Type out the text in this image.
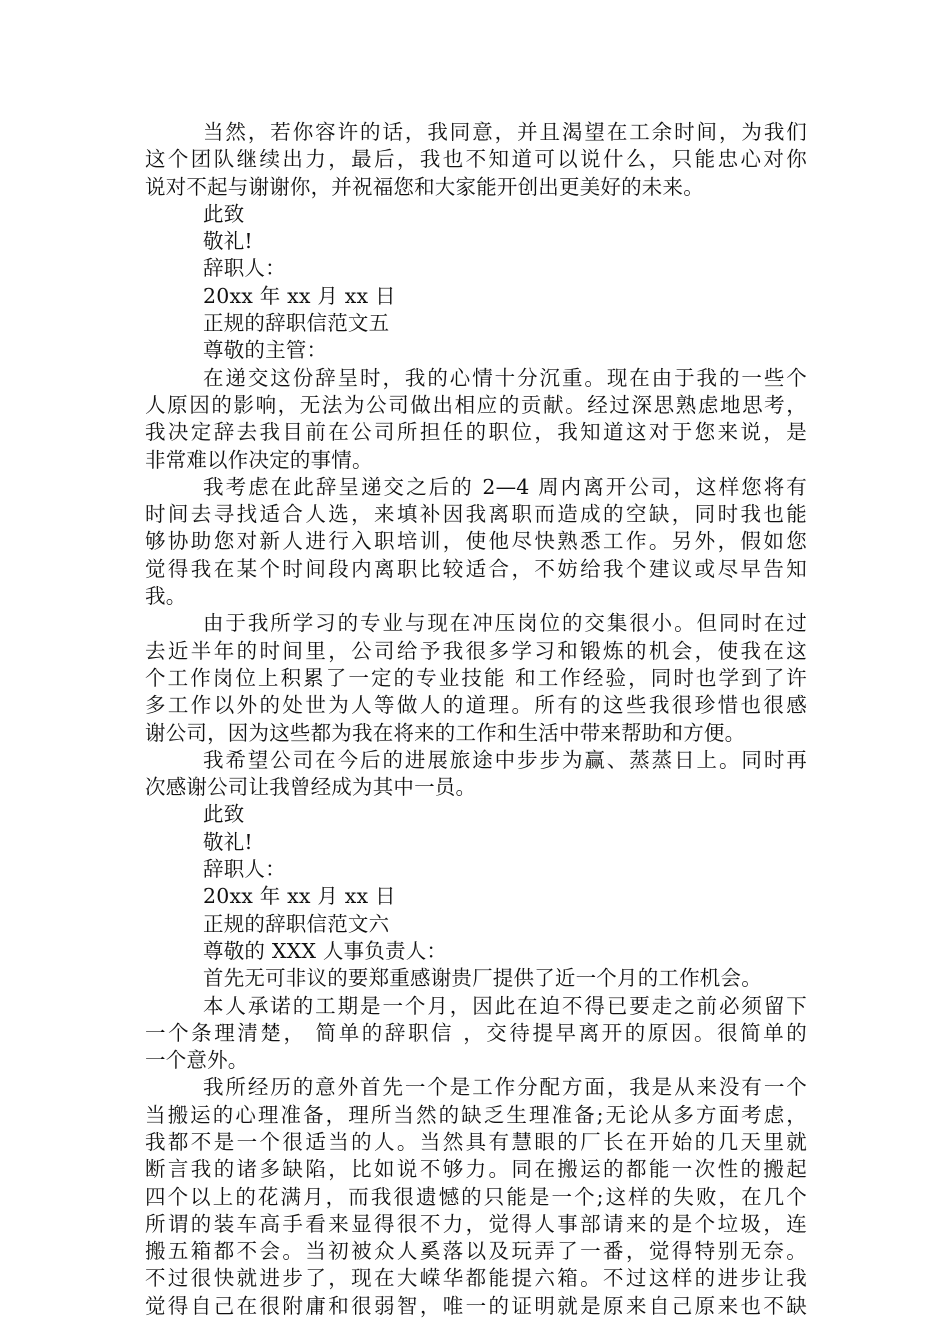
当然，若你容许的话，我同意，并且渴望在工余时间，为我们
这个团队继续出力，最后，我也不知道可以说什么，只能忠心对你
说对不起与谢谢你，并祝福您和大家能开创出更美好的未来。
此致
敬礼!
辞职人：
20xx 年 xx 月 xx 日
正规的辞职信范文五
尊敬的主管：
在递交这份辞呈时，我的心情十分沉重。现在由于我的一些个
人原因的影响，无法为公司做出相应的贡献。经过深思熟虑地思考，
我决定辞去我目前在公司所担任的职位，我知道这对于您来说，是
非常难以作决定的事情。
我考虑在此辞呈递交之后的 2—4 周内离开公司，这样您将有
时间去寻找适合人选，来填补因我离职而造成的空缺，同时我也能
够协助您对新人进行入职培训，使他尽快熟悉工作。另外，假如您
觉得我在某个时间段内离职比较适合，不妨给我个建议或尽早告知
我。
由于我所学习的专业与现在冲压岗位的交集很小。但同时在过
去近半年的时间里，公司给予我很多学习和锻炼的机会，使我在这
个工作岗位上积累了一定的专业技能 和工作经验，同时也学到了许
多工作以外的处世为人等做人的道理。所有的这些我很珍惜也很感
谢公司，因为这些都为我在将来的工作和生活中带来帮助和方便。
我希望公司在今后的进展旅途中步步为赢、蒸蒸日上。同时再
次感谢公司让我曾经成为其中一员。
此致
敬礼!
辞职人：
20xx 年 xx 月 xx 日
正规的辞职信范文六
尊敬的 XXX 人事负责人：
首先无可非议的要郑重感谢贵厂提供了近一个月的工作机会。
本人承诺的工期是一个月，因此在迫不得已要走之前必须留下
一个条理清楚， 简单的辞职信 ，交待提早离开的原因。很简单的
一个意外。
我所经历的意外首先一个是工作分配方面，我是从来没有一个
当搬运的心理准备，理所当然的缺乏生理准备;无论从多方面考虑，
我都不是一个很适当的人。当然具有慧眼的厂长在开始的几天里就
断言我的诸多缺陷，比如说不够力。同在搬运的都能一次性的搬起
四个以上的花满月，而我很遗憾的只能是一个;这样的失败，在几个
所谓的装车高手看来显得很不力，觉得人事部请来的是个垃圾，连
搬五箱都不会。当初被众人奚落以及玩弄了一番，觉得特别无奈。
不过很快就进步了，现在大嵘华都能提六箱。不过这样的进步让我
觉得自己在很附庸和很弱智，唯一的证明就是原来自己原来也不缺
